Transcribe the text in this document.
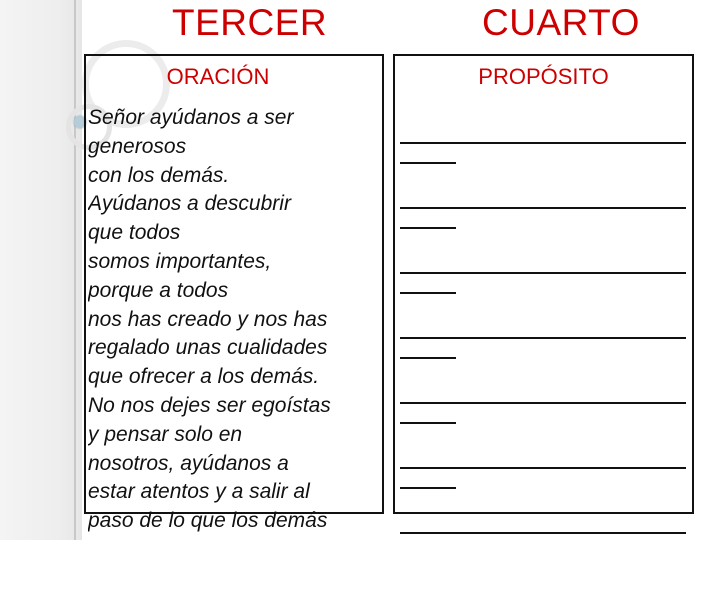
TERCER	CUARTO
ORACIÓN	PROPÓSITO
Señor ayúdanos a ser
generosos
con los demás.
Ayúdanos a descubrir
que todos
somos importantes,
porque a todos
nos has creado y nos has
regalado unas cualidades
que ofrecer a los demás.
No nos dejes ser egoístas
y pensar solo en
nosotros, ayúdanos a
estar atentos y a salir al
paso de lo que los demás
